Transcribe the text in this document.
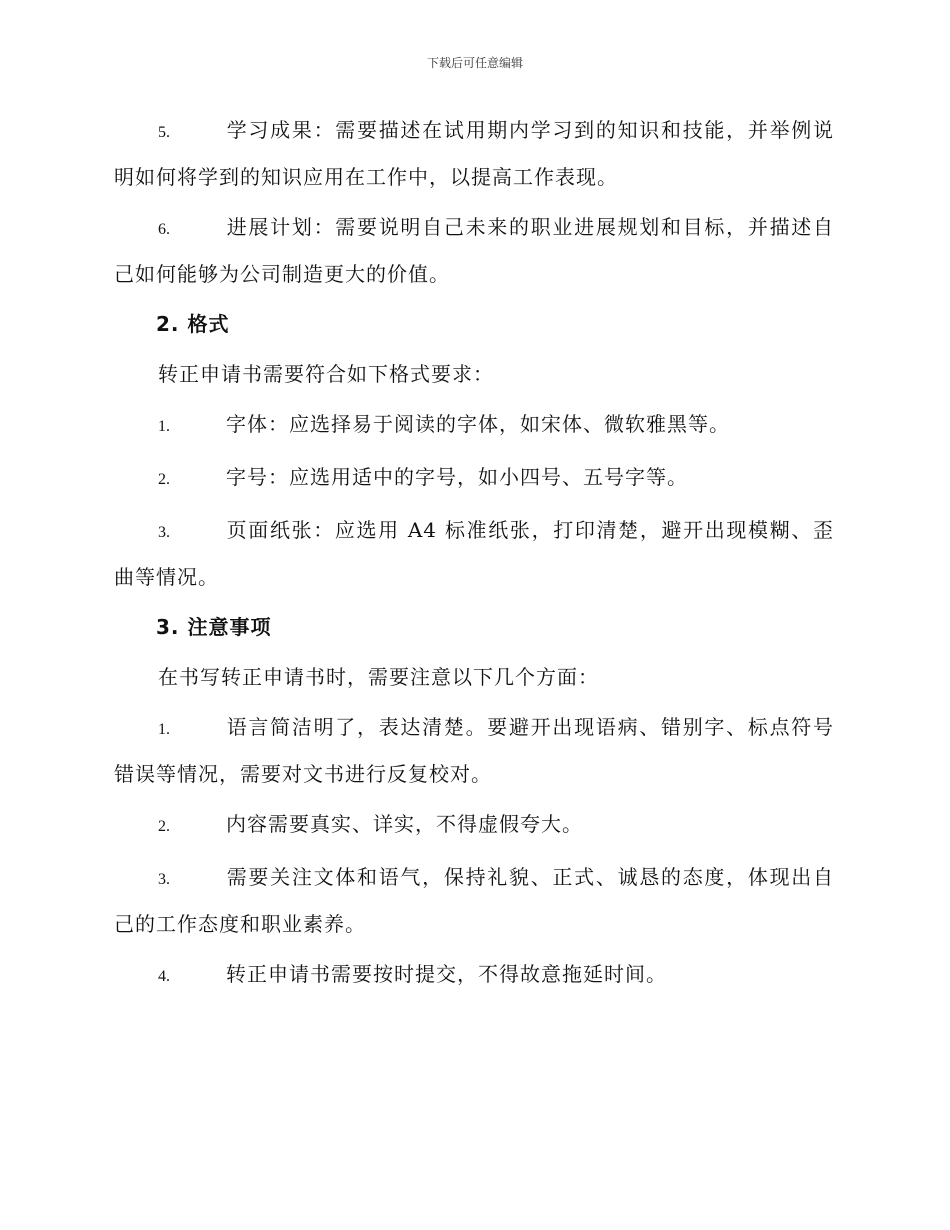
下载后可任意编辑
5.	学习成果：需要描述在试用期内学习到的知识和技能，并举例说明如何将学到的知识应用在工作中，以提高工作表现。
6.	进展计划：需要说明自己未来的职业进展规划和目标，并描述自己如何能够为公司制造更大的价值。
2. 格式
转正申请书需要符合如下格式要求：
1.	字体：应选择易于阅读的字体，如宋体、微软雅黑等。
2.	字号：应选用适中的字号，如小四号、五号字等。
3.	页面纸张：应选用 A4 标准纸张，打印清楚，避开出现模糊、歪曲等情况。
3. 注意事项
在书写转正申请书时，需要注意以下几个方面：
1.	语言简洁明了，表达清楚。要避开出现语病、错别字、标点符号错误等情况，需要对文书进行反复校对。
2.	内容需要真实、详实，不得虚假夸大。
3.	需要关注文体和语气，保持礼貌、正式、诚恳的态度，体现出自己的工作态度和职业素养。
4.	转正申请书需要按时提交，不得故意拖延时间。
